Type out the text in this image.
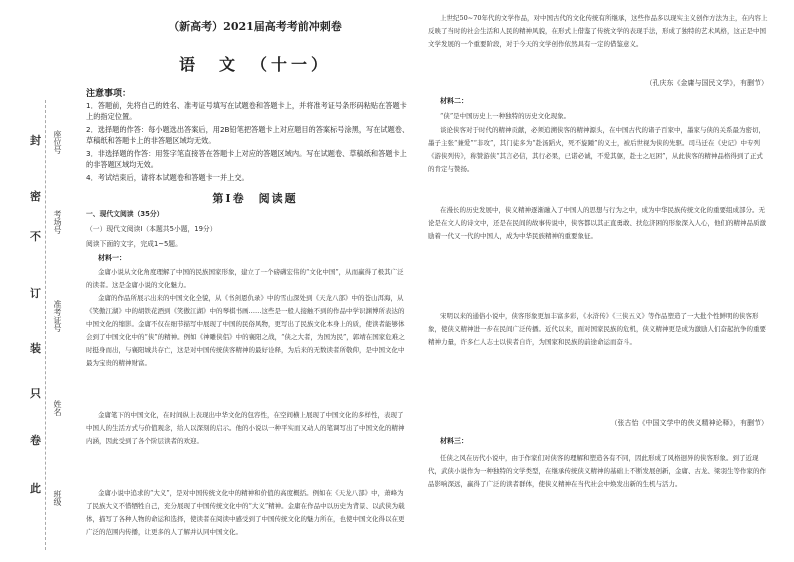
封
密
不
订
装
只
卷
此
座位号
准考证号
考场号
姓名
班级
（新高考）2021届高考考前冲刺卷
语　文　（十一）
注意事项：
1．答题前，先将自己的姓名、准考证号填写在试题卷和答题卡上，并将准考证号条形码粘贴在答题卡上的指定位置。
2．选择题的作答：每小题选出答案后，用2B铅笔把答题卡上对应题目的答案标号涂黑，写在试题卷、草稿纸和答题卡上的非答题区域均无效。
3．非选择题的作答：用签字笔直接答在答题卡上对应的答题区域内。写在试题卷、草稿纸和答题卡上的非答题区域均无效。
4．考试结束后，请将本试题卷和答题卡一并上交。
第Ⅰ卷　阅读题
一、现代文阅读（35分）
（一）现代文阅读Ⅰ（本题共5小题，19分）
阅读下面的文字，完成1~5题。
材料一：
金庸小说从文化角度理解了中国的民族国家形象，建立了一个磅礴宏伟的“文化中国”，从而赢得了极其广泛的读者。这是金庸小说的文化魅力。
金庸的作品所展示出来的中国文化全貌，从《书剑恩仇录》中的雪山深处到《天龙八部》中的苍山洱海，从《笑傲江湖》中的胡铁花酒到《笑傲江湖》中的琴棋书画……这些是一般人接触不到的作品中学识渊博所表达的中国文化的缩影。金庸不仅在细节描写中展现了中国的民俗风物，更写出了民族文化本身上的质，使读者能够体会到了中国文化中的“侠”的精神。例如《神雕侠侣》中的襄阳之战，“侠之大者，为国为民”，郭靖在国家危难之时挺身而出，与襄阳城共存亡，这是对中国传统侠客精神的最好诠释，为后来的无数读者所敬仰，是中国文化中最为宝贵的精神财富。
金庸笔下的中国文化，在时间纵上表现出中华文化的包容性，在空间横上展现了中国文化的多样性，表现了中国人的生活方式与价值观念，给人以深刻的启示。他的小说以一种平实而又动人的笔调写出了中国文化的精神内涵，因此受到了各个阶层读者的欢迎。
金庸小说中追求的“大义”，是对中国传统文化中的精神和价值的高度概括。例如在《天龙八部》中，萧峰为了民族大义不惜牺牲自己，充分展现了中国传统文化中的“大义”精神。金庸在作品中以历史为背景、以武侠为载体，描写了各种人物的命运和选择，使读者在阅读中感受到了中国传统文化的魅力所在，也使中国文化得以在更广泛的范围内传播，让更多的人了解并认同中国文化。
上世纪50~70年代的文学作品，对中国古代的文化传统有所继承，这些作品多以现实主义创作方法为主，在内容上反映了当时的社会生活和人民的精神风貌，在形式上借鉴了传统文学的表现手法，形成了独特的艺术风格，这正是中国文学发展的一个重要阶段，对于今天的文学创作依然具有一定的借鉴意义。
（孔庆东《金庸与国民文学》，有删节）
材料二：
“侠”是中国历史上一种独特的历史文化现象。
谈论侠客对于时代的精神贡献，必须追溯侠客的精神源头，在中国古代的诸子百家中，墨家与侠的关系最为密切，墨子主张“兼爱”“非攻”，其门徒多为“赴汤蹈火，死不旋踵”的义士，被后世视为侠的先驱。司马迁在《史记》中专列《游侠列传》，称赞游侠“其言必信，其行必果，已诺必诚，不爱其躯，赴士之厄困”，从此侠客的精神品格得到了正式的肯定与赞扬。
在漫长的历史发展中，侠义精神逐渐融入了中国人的思想与行为之中，成为中华民族传统文化的重要组成部分。无论是在文人的诗文中，还是在民间的故事传说中，侠客都以其正直勇敢、扶危济困的形象深入人心，他们的精神品质激励着一代又一代的中国人，成为中华民族精神的重要象征。
宋明以来的通俗小说中，侠客形象更加丰富多彩，《水浒传》《三侠五义》等作品塑造了一大批个性鲜明的侠客形象，使侠义精神进一步在民间广泛传播。近代以来，面对国家民族的危机，侠义精神更是成为激励人们奋起抗争的重要精神力量，许多仁人志士以侠者自许，为国家和民族的前途命运而奋斗。
（张古怡《中国文学中的侠义精神论释》，有删节）
材料三：
任侠之风在历代小说中，由于作家们对侠客的理解和塑造各有不同，因此形成了风格迥异的侠客形象。到了近现代，武侠小说作为一种独特的文学类型，在继承传统侠义精神的基础上不断发展创新，金庸、古龙、梁羽生等作家的作品影响深远，赢得了广泛的读者群体，使侠义精神在当代社会中焕发出新的生机与活力。
